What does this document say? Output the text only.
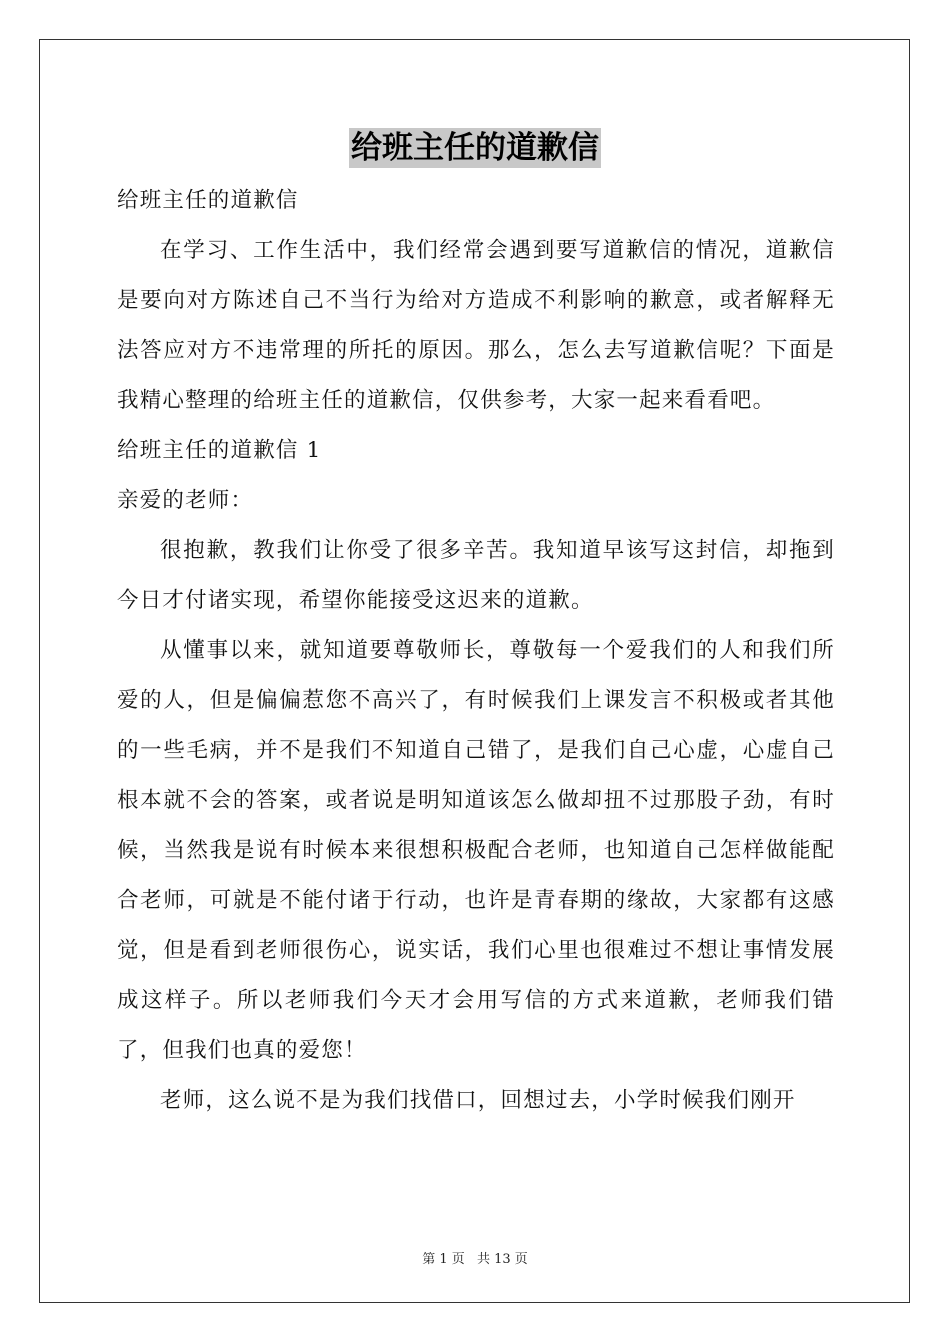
给班主任的道歉信

给班主任的道歉信

在学习、工作生活中，我们经常会遇到要写道歉信的情况，道歉信是要向对方陈述自己不当行为给对方造成不利影响的歉意，或者解释无法答应对方不违常理的所托的原因。那么，怎么去写道歉信呢？下面是我精心整理的给班主任的道歉信，仅供参考，大家一起来看看吧。

给班主任的道歉信 1

亲爱的老师：

很抱歉，教我们让你受了很多辛苦。我知道早该写这封信，却拖到今日才付诸实现，希望你能接受这迟来的道歉。

从懂事以来，就知道要尊敬师长，尊敬每一个爱我们的人和我们所爱的人，但是偏偏惹您不高兴了，有时候我们上课发言不积极或者其他的一些毛病，并不是我们不知道自己错了，是我们自己心虚，心虚自己根本就不会的答案，或者说是明知道该怎么做却扭不过那股子劲，有时候，当然我是说有时候本来很想积极配合老师，也知道自己怎样做能配合老师，可就是不能付诸于行动，也许是青春期的缘故，大家都有这感觉，但是看到老师很伤心，说实话，我们心里也很难过不想让事情发展成这样子。所以老师我们今天才会用写信的方式来道歉，老师我们错了，但我们也真的爱您！

老师，这么说不是为我们找借口，回想过去，小学时候我们刚开

第 1 页 共 13 页
